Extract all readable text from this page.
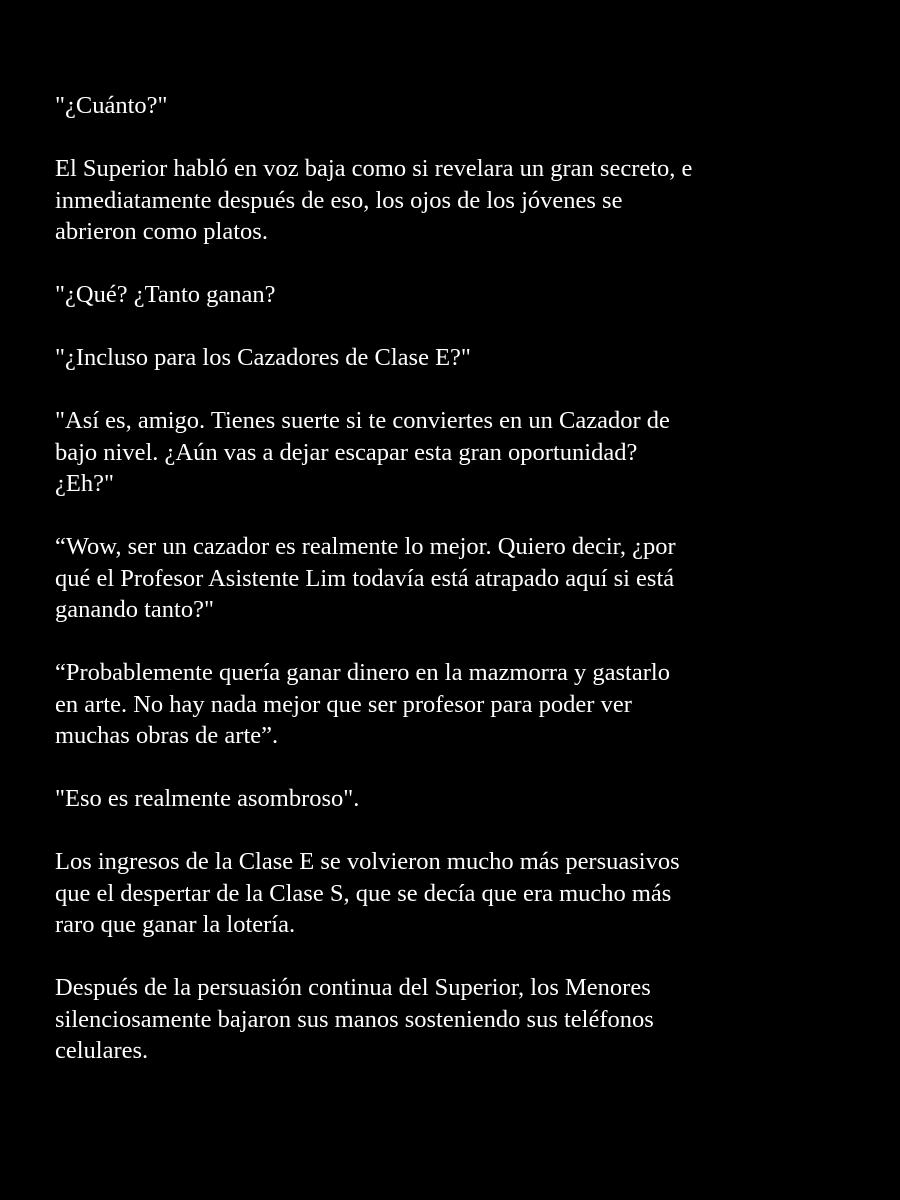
"¿Cuánto?"

El Superior habló en voz baja como si revelara un gran secreto, e
inmediatamente después de eso, los ojos de los jóvenes se
abrieron como platos.

"¿Qué? ¿Tanto ganan?

"¿Incluso para los Cazadores de Clase E?"

"Así es, amigo. Tienes suerte si te conviertes en un Cazador de
bajo nivel. ¿Aún vas a dejar escapar esta gran oportunidad?
¿Eh?"

“Wow, ser un cazador es realmente lo mejor. Quiero decir, ¿por
qué el Profesor Asistente Lim todavía está atrapado aquí si está
ganando tanto?"

“Probablemente quería ganar dinero en la mazmorra y gastarlo
en arte. No hay nada mejor que ser profesor para poder ver
muchas obras de arte”.

"Eso es realmente asombroso".

Los ingresos de la Clase E se volvieron mucho más persuasivos
que el despertar de la Clase S, que se decía que era mucho más
raro que ganar la lotería.

Después de la persuasión continua del Superior, los Menores
silenciosamente bajaron sus manos sosteniendo sus teléfonos
celulares.
